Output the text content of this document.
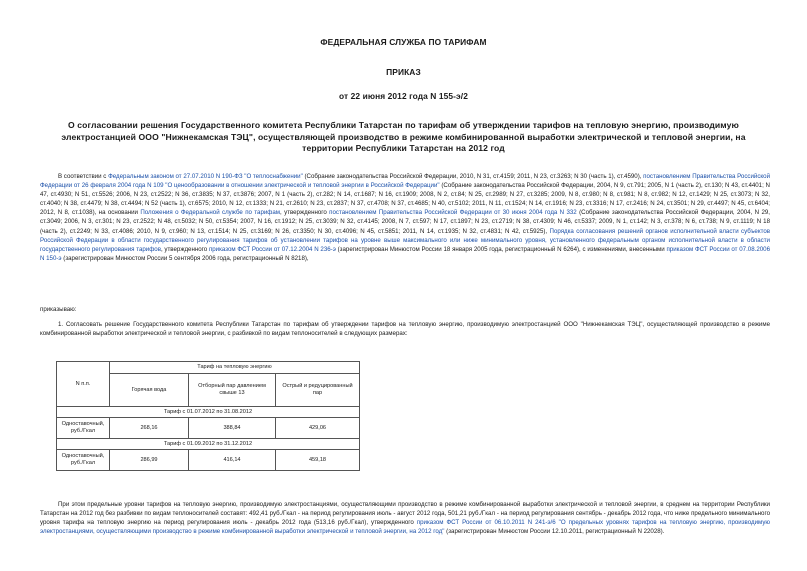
ФЕДЕРАЛЬНАЯ СЛУЖБА ПО ТАРИФАМ
ПРИКАЗ
от 22 июня 2012 года N 155-э/2
О согласовании решения Государственного комитета Республики Татарстан по тарифам об утверждении тарифов на тепловую энергию, производимую электростанцией ООО "Нижнекамская ТЭЦ", осуществляющей производство в режиме комбинированной выработки электрической и тепловой энергии, на территории Республики Татарстан на 2012 год

В соответствии с Федеральным законом от 27.07.2010 N 190-ФЗ "О теплоснабжении" (Собрание законодательства Российской Федерации, 2010, N 31, ст.4159; 2011, N 23, ст.3263; N 30 (часть 1), ст.4590), постановлением Правительства Российской Федерации от 26 февраля 2004 года N 109 "О ценообразовании в отношении электрической и тепловой энергии в Российской Федерации" (Собрание законодательства Российской Федерации, 2004, N 9, ст.791; 2005, N 1 (часть 2), ст.130; N 43, ст.4401; N 47, ст.4930; N 51, ст.5526; 2006, N 23, ст.2522; N 36, ст.3835; N 37, ст.3876; 2007, N 1 (часть 2), ст.282; N 14, ст.1687; N 16, ст.1909; 2008, N 2, ст.84; N 25, ст.2989; N 27, ст.3285; 2009, N 8, ст.980; N 8, ст.981; N 8, ст.982; N 12, ст.1429; N 25, ст.3073; N 32, ст.4040; N 38, ст.4479; N 38, ст.4494; N 52 (часть 1), ст.6575; 2010, N 12, ст.1333; N 21, ст.2610; N 23, ст.2837; N 37, ст.4708; N 37, ст.4685; N 40, ст.5102; 2011, N 11, ст.1524; N 14, ст.1916; N 23, ст.3316; N 17, ст.2416; N 24, ст.3501; N 29, ст.4497; N 45, ст.6404; 2012, N 8, ст.1038), на основании Положения о Федеральной службе по тарифам, утвержденного постановлением Правительства Российской Федерации от 30 июня 2004 года N 332 (Собрание законодательства Российской Федерации, 2004, N 29, ст.3049; 2006, N 3, ст.301; N 23, ст.2522; N 48, ст.5032; N 50, ст.5354; 2007, N 16, ст.1912; N 25, ст.3039; N 32, ст.4145; 2008, N 7, ст.597; N 17, ст.1897; N 23, ст.2719; N 38, ст.4309; N 46, ст.5337; 2009, N 1, ст.142; N 3, ст.378; N 6, ст.738; N 9, ст.1119; N 18 (часть 2), ст.2249; N 33, ст.4086; 2010, N 9, ст.960; N 13, ст.1514; N 25, ст.3169; N 26, ст.3350; N 30, ст.4096; N 45, ст.5851; 2011, N 14, ст.1935; N 32, ст.4831; N 42, ст.5925), Порядка согласования решений органов исполнительной власти субъектов Российской Федерации в области государственного регулирования тарифов об установлении тарифов на уровне выше максимального или ниже минимального уровня, установленного федеральным органом исполнительной власти в области государственного регулирования тарифов, утвержденного приказом ФСТ России от 07.12.2004 N 236-э (зарегистрирован Минюстом России 18 января 2005 года, регистрационный N 6264), с изменениями, внесенными приказом ФСТ России от 07.08.2006 N 150-э (зарегистрирован Минюстом России 5 сентября 2006 года, регистрационный N 8218),

приказываю:

1. Согласовать решение Государственного комитета Республики Татарстан по тарифам об утверждении тарифов на тепловую энергию, производимую электростанцией ООО "Нижнекамская ТЭЦ", осуществляющей производство в режиме комбинированной выработки электрической и тепловой энергии, с разбивкой по видам теплоносителей в следующих размерах:

N п.п.	Тариф на тепловую энергию		
	Горячая вода	Отборный пар давлением свыше 13	Острый и редуцированный пар
Тариф с 01.07.2012 по 31.08.2012			
Одноставочный, руб./Гкал	268,16	388,84	429,06
Тариф с 01.09.2012 по 31.12.2012			
Одноставочный, руб./Гкал	286,99	416,14	459,18

При этом предельные уровни тарифов на тепловую энергию, производимую электростанциями, осуществляющими производство в режиме комбинированной выработки электрической и тепловой энергии, в среднем на территории Республики Татарстан на 2012 год без разбивки по видам теплоносителей составят: 492,41 руб./Гкал - на период регулирования июль - август 2012 года, 501,21 руб./Гкал - на период регулирования сентябрь - декабрь 2012 года, что ниже предельного минимального уровня тарифа на тепловую энергию на период регулирования июль - декабрь 2012 года (513,16 руб./Гкал), утвержденного приказом ФСТ России от 06.10.2011 N 241-э/6 "О предельных уровнях тарифов на тепловую энергию, производимую электростанциями, осуществляющими производство в режиме комбинированной выработки электрической и тепловой энергии, на 2012 год" (зарегистрирован Минюстом России 12.10.2011, регистрационный N 22028).
